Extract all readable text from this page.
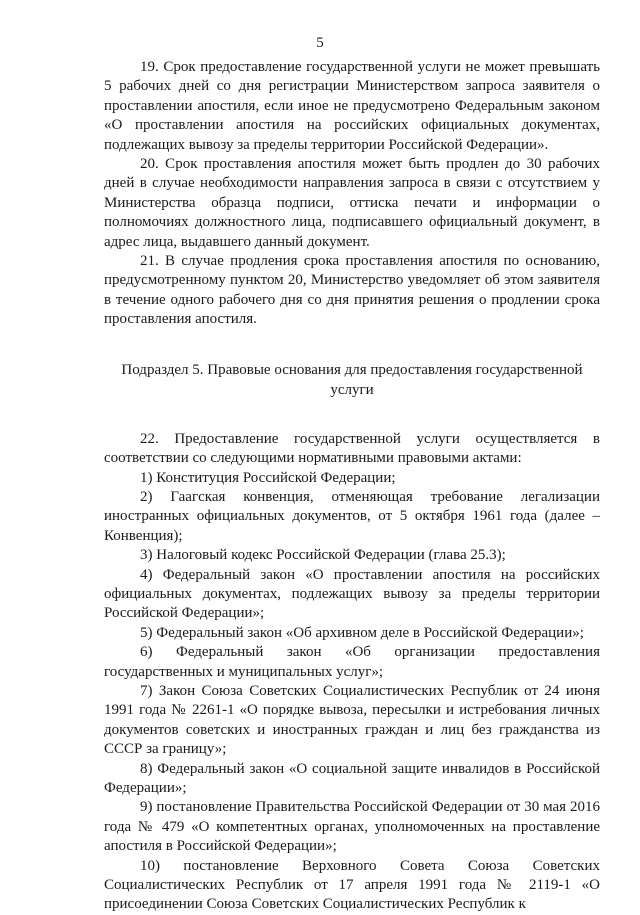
5

19. Срок предоставление государственной услуги не может превышать 5 рабочих дней со дня регистрации Министерством запроса заявителя о проставлении апостиля, если иное не предусмотрено Федеральным законом «О проставлении апостиля на российских официальных документах, подлежащих вывозу за пределы территории Российской Федерации».

20. Срок проставления апостиля может быть продлен до 30 рабочих дней в случае необходимости направления запроса в связи с отсутствием у Министерства образца подписи, оттиска печати и информации о полномочиях должностного лица, подписавшего официальный документ, в адрес лица, выдавшего данный документ.

21. В случае продления срока проставления апостиля по основанию, предусмотренному пунктом 20, Министерство уведомляет об этом заявителя в течение одного рабочего дня со дня принятия решения о продлении срока проставления апостиля.

Подраздел 5. Правовые основания для предоставления государственной услуги

22. Предоставление государственной услуги осуществляется в соответствии со следующими нормативными правовыми актами:

1) Конституция Российской Федерации;

2) Гаагская конвенция, отменяющая требование легализации иностранных официальных документов, от 5 октября 1961 года (далее – Конвенция);

3) Налоговый кодекс Российской Федерации (глава 25.3);

4) Федеральный закон «О проставлении апостиля на российских официальных документах, подлежащих вывозу за пределы территории Российской Федерации»;

5) Федеральный закон «Об архивном деле в Российской Федерации»;

6) Федеральный закон «Об организации предоставления государственных и муниципальных услуг»;

7) Закон Союза Советских Социалистических Республик от 24 июня 1991 года № 2261-1 «О порядке вывоза, пересылки и истребования личных документов советских и иностранных граждан и лиц без гражданства из СССР за границу»;

8) Федеральный закон «О социальной защите инвалидов в Российской Федерации»;

9) постановление Правительства Российской Федерации от 30 мая 2016 года № 479 «О компетентных органах, уполномоченных на проставление апостиля в Российской Федерации»;

10) постановление Верховного Совета Союза Советских Социалистических Республик от 17 апреля 1991 года № 2119-1 «О присоединении Союза Советских Социалистических Республик к
